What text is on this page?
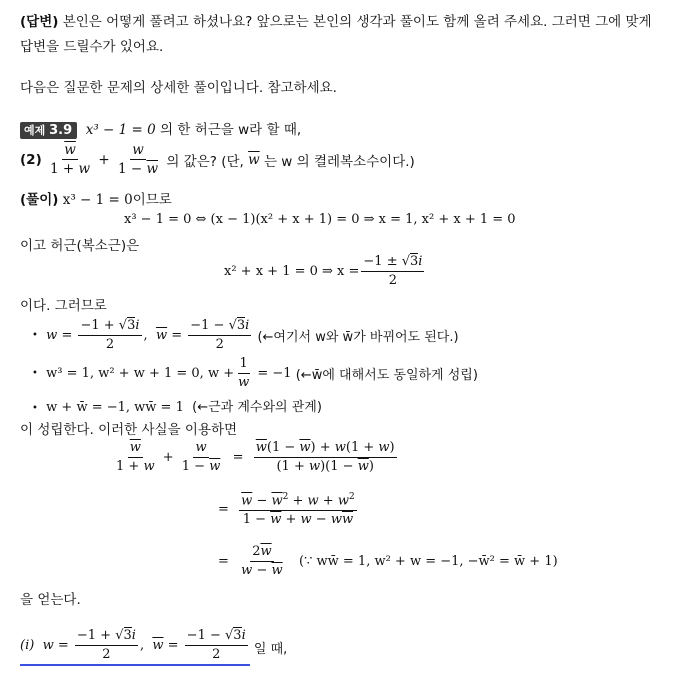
(답변) 본인은 어떻게 풀려고 하셨나요? 앞으로는 본인의 생각과 풀이도 함께 올려 주세요. 그러면 그에 맞게
답변을 드릴수가 있어요.
다음은 질문한 문제의 상세한 풀이입니다. 참고하세요.
예제 3.9 x³ − 1 = 0 의 한 허근을 w라 할 때,
(2)
$\frac{\overline{w}}{1 + w} + \frac{w}{1 - \overline{w}}$
의 값은? (단,
$\overline{w}$
는 w 의 켤레복소수이다.)
(풀이) x³ − 1 = 0이므로
x³ − 1 = 0 ⇔ (x − 1)(x² + x + 1) = 0 ⇒ x = 1, x² + x + 1 = 0
이고 허근(복소근)은
x² + x + 1 = 0 ⇒ $x = \frac{-1 \pm √3i}{2}$
이다. 그러므로
•
$w = \frac{-1 + √3i}{2}$ , $\overline{w} = \frac{-1 - √3i}{2}$
(←여기서 w와 w̄가 바뀌어도 된다.)
•
w³ = 1, w² + w + 1 = 0, $w + \frac{1}{w}$
= −1
(←w̄에 대해서도 동일하게 성립)
• w + w̄ = −1, ww̄ = 1 (←근과 계수와의 관계)
이 성립한다. 이러한 사실을 이용하면
$\frac{\overline{w}}{1 + w} + \frac{w}{1 - \overline{w}} = \frac{\overline{w}(1 - \overline{w}) + w(1 + w)}{(1 + w)(1 - \overline{w})}$
= $\frac{\overline{w} - \overline{w}^2 + w + w^2}{1 - \overline{w} + w - w\overline{w}}$
= $\frac{2\overline{w}}{w - \overline{w}}$
(∵ ww̄ = 1, w² + w = −1, −w̄² = w̄ + 1)
을 얻는다.
(i)
$w = \frac{-1 + √3i}{2}$ , $\overline{w} = \frac{-1 - √3i}{2}$
일 때,
